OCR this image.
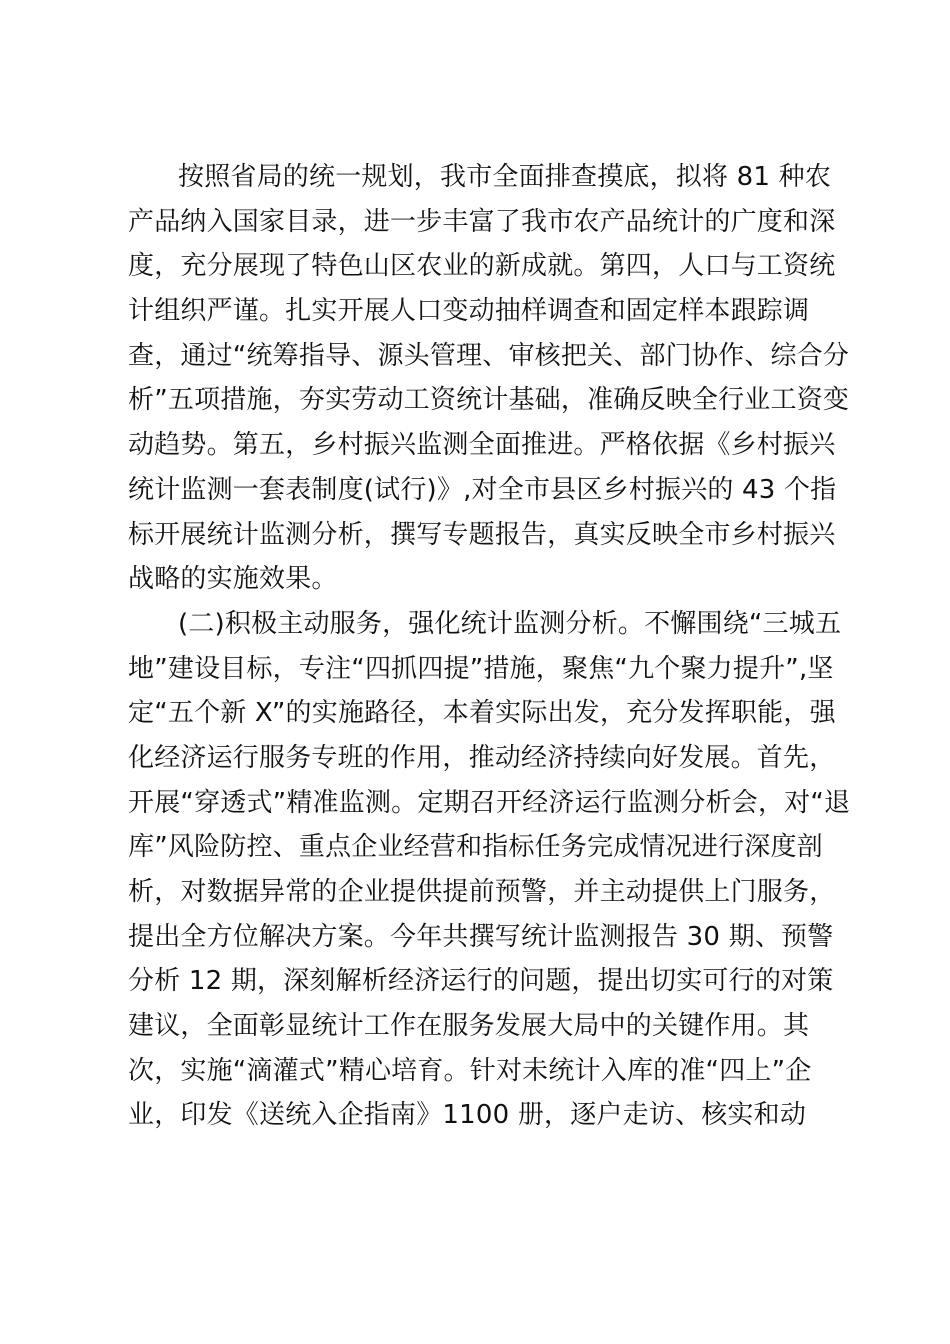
按照省局的统一规划，我市全面排查摸底，拟将 81 种农
产品纳入国家目录，进一步丰富了我市农产品统计的广度和深
度，充分展现了特色山区农业的新成就。第四，人口与工资统
计组织严谨。扎实开展人口变动抽样调查和固定样本跟踪调
查，通过“统筹指导、源头管理、审核把关、部门协作、综合分
析”五项措施，夯实劳动工资统计基础，准确反映全行业工资变
动趋势。第五，乡村振兴监测全面推进。严格依据《乡村振兴
统计监测一套表制度(试行)》,对全市县区乡村振兴的 43 个指
标开展统计监测分析，撰写专题报告，真实反映全市乡村振兴
战略的实施效果。
(二)积极主动服务，强化统计监测分析。不懈围绕“三城五
地”建设目标，专注“四抓四提”措施，聚焦“九个聚力提升”,坚
定“五个新 X”的实施路径，本着实际出发，充分发挥职能，强
化经济运行服务专班的作用，推动经济持续向好发展。首先，
开展“穿透式”精准监测。定期召开经济运行监测分析会，对“退
库”风险防控、重点企业经营和指标任务完成情况进行深度剖
析，对数据异常的企业提供提前预警，并主动提供上门服务，
提出全方位解决方案。今年共撰写统计监测报告 30 期、预警
分析 12 期，深刻解析经济运行的问题，提出切实可行的对策
建议，全面彰显统计工作在服务发展大局中的关键作用。其
次，实施“滴灌式”精心培育。针对未统计入库的准“四上”企
业，印发《送统入企指南》1100 册，逐户走访、核实和动
